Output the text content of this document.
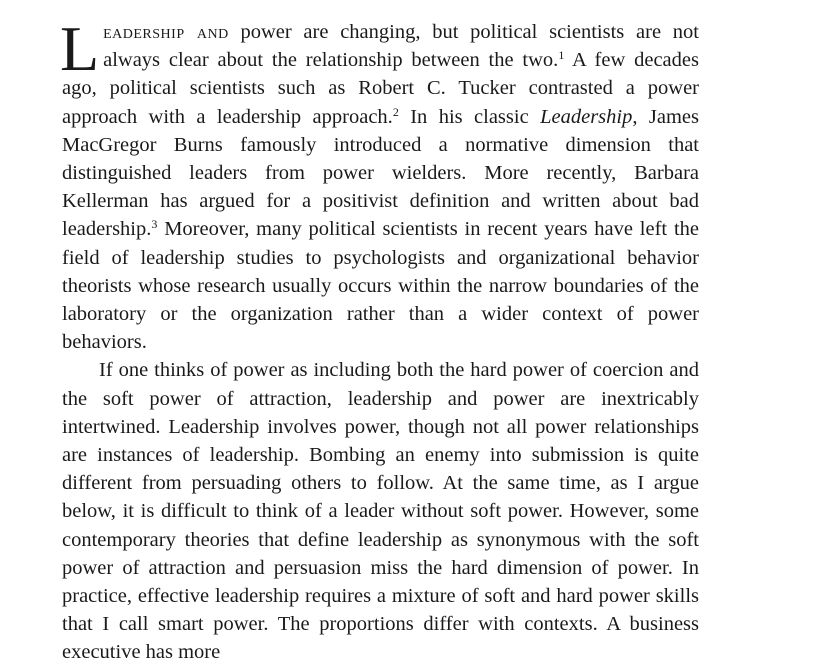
Leadership and power are changing, but political scientists are not always clear about the relationship between the two.$^1$ A few decades ago, political scientists such as Robert C. Tucker contrasted a power approach with a leadership approach.$^2$ In his classic Leadership, James MacGregor Burns famously introduced a normative dimension that distinguished leaders from power wielders. More recently, Barbara Kellerman has argued for a positivist definition and written about bad leadership.$^3$ Moreover, many political scientists in recent years have left the field of leadership studies to psychologists and organizational behavior theorists whose research usually occurs within the narrow boundaries of the laboratory or the organization rather than a wider context of power behaviors.

If one thinks of power as including both the hard power of coercion and the soft power of attraction, leadership and power are inextricably intertwined. Leadership involves power, though not all power relationships are instances of leadership. Bombing an enemy into submission is quite different from persuading others to follow. At the same time, as I argue below, it is difficult to think of a leader without soft power. However, some contemporary theories that define leadership as synonymous with the soft power of attraction and persuasion miss the hard dimension of power. In practice, effective leadership requires a mixture of soft and hard power skills that I call smart power. The proportions differ with contexts. A business executive has more
